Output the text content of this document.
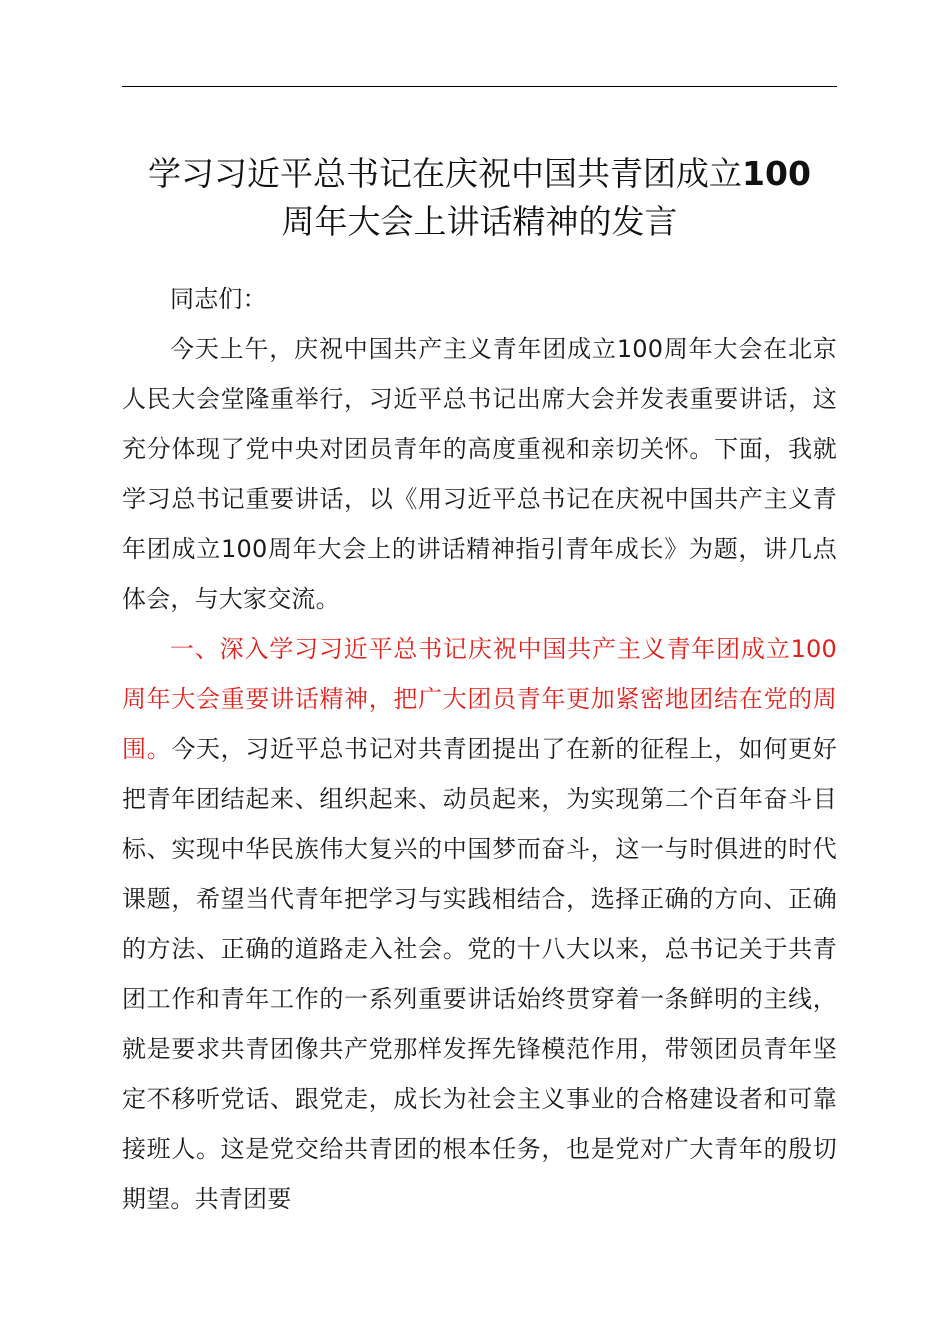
学习习近平总书记在庆祝中国共青团成立100
周年大会上讲话精神的发言

同志们：

今天上午，庆祝中国共产主义青年团成立100周年大会在北京人民大会堂隆重举行，习近平总书记出席大会并发表重要讲话，这充分体现了党中央对团员青年的高度重视和亲切关怀。下面，我就学习总书记重要讲话，以《用习近平总书记在庆祝中国共产主义青年团成立100周年大会上的讲话精神指引青年成长》为题，讲几点体会，与大家交流。

一、深入学习习近平总书记庆祝中国共产主义青年团成立100周年大会重要讲话精神，把广大团员青年更加紧密地团结在党的周围。今天，习近平总书记对共青团提出了在新的征程上，如何更好把青年团结起来、组织起来、动员起来，为实现第二个百年奋斗目标、实现中华民族伟大复兴的中国梦而奋斗，这一与时俱进的时代课题，希望当代青年把学习与实践相结合，选择正确的方向、正确的方法、正确的道路走入社会。党的十八大以来，总书记关于共青团工作和青年工作的一系列重要讲话始终贯穿着一条鲜明的主线，就是要求共青团像共产党那样发挥先锋模范作用，带领团员青年坚定不移听党话、跟党走，成长为社会主义事业的合格建设者和可靠接班人。这是党交给共青团的根本任务，也是党对广大青年的殷切期望。共青团要
